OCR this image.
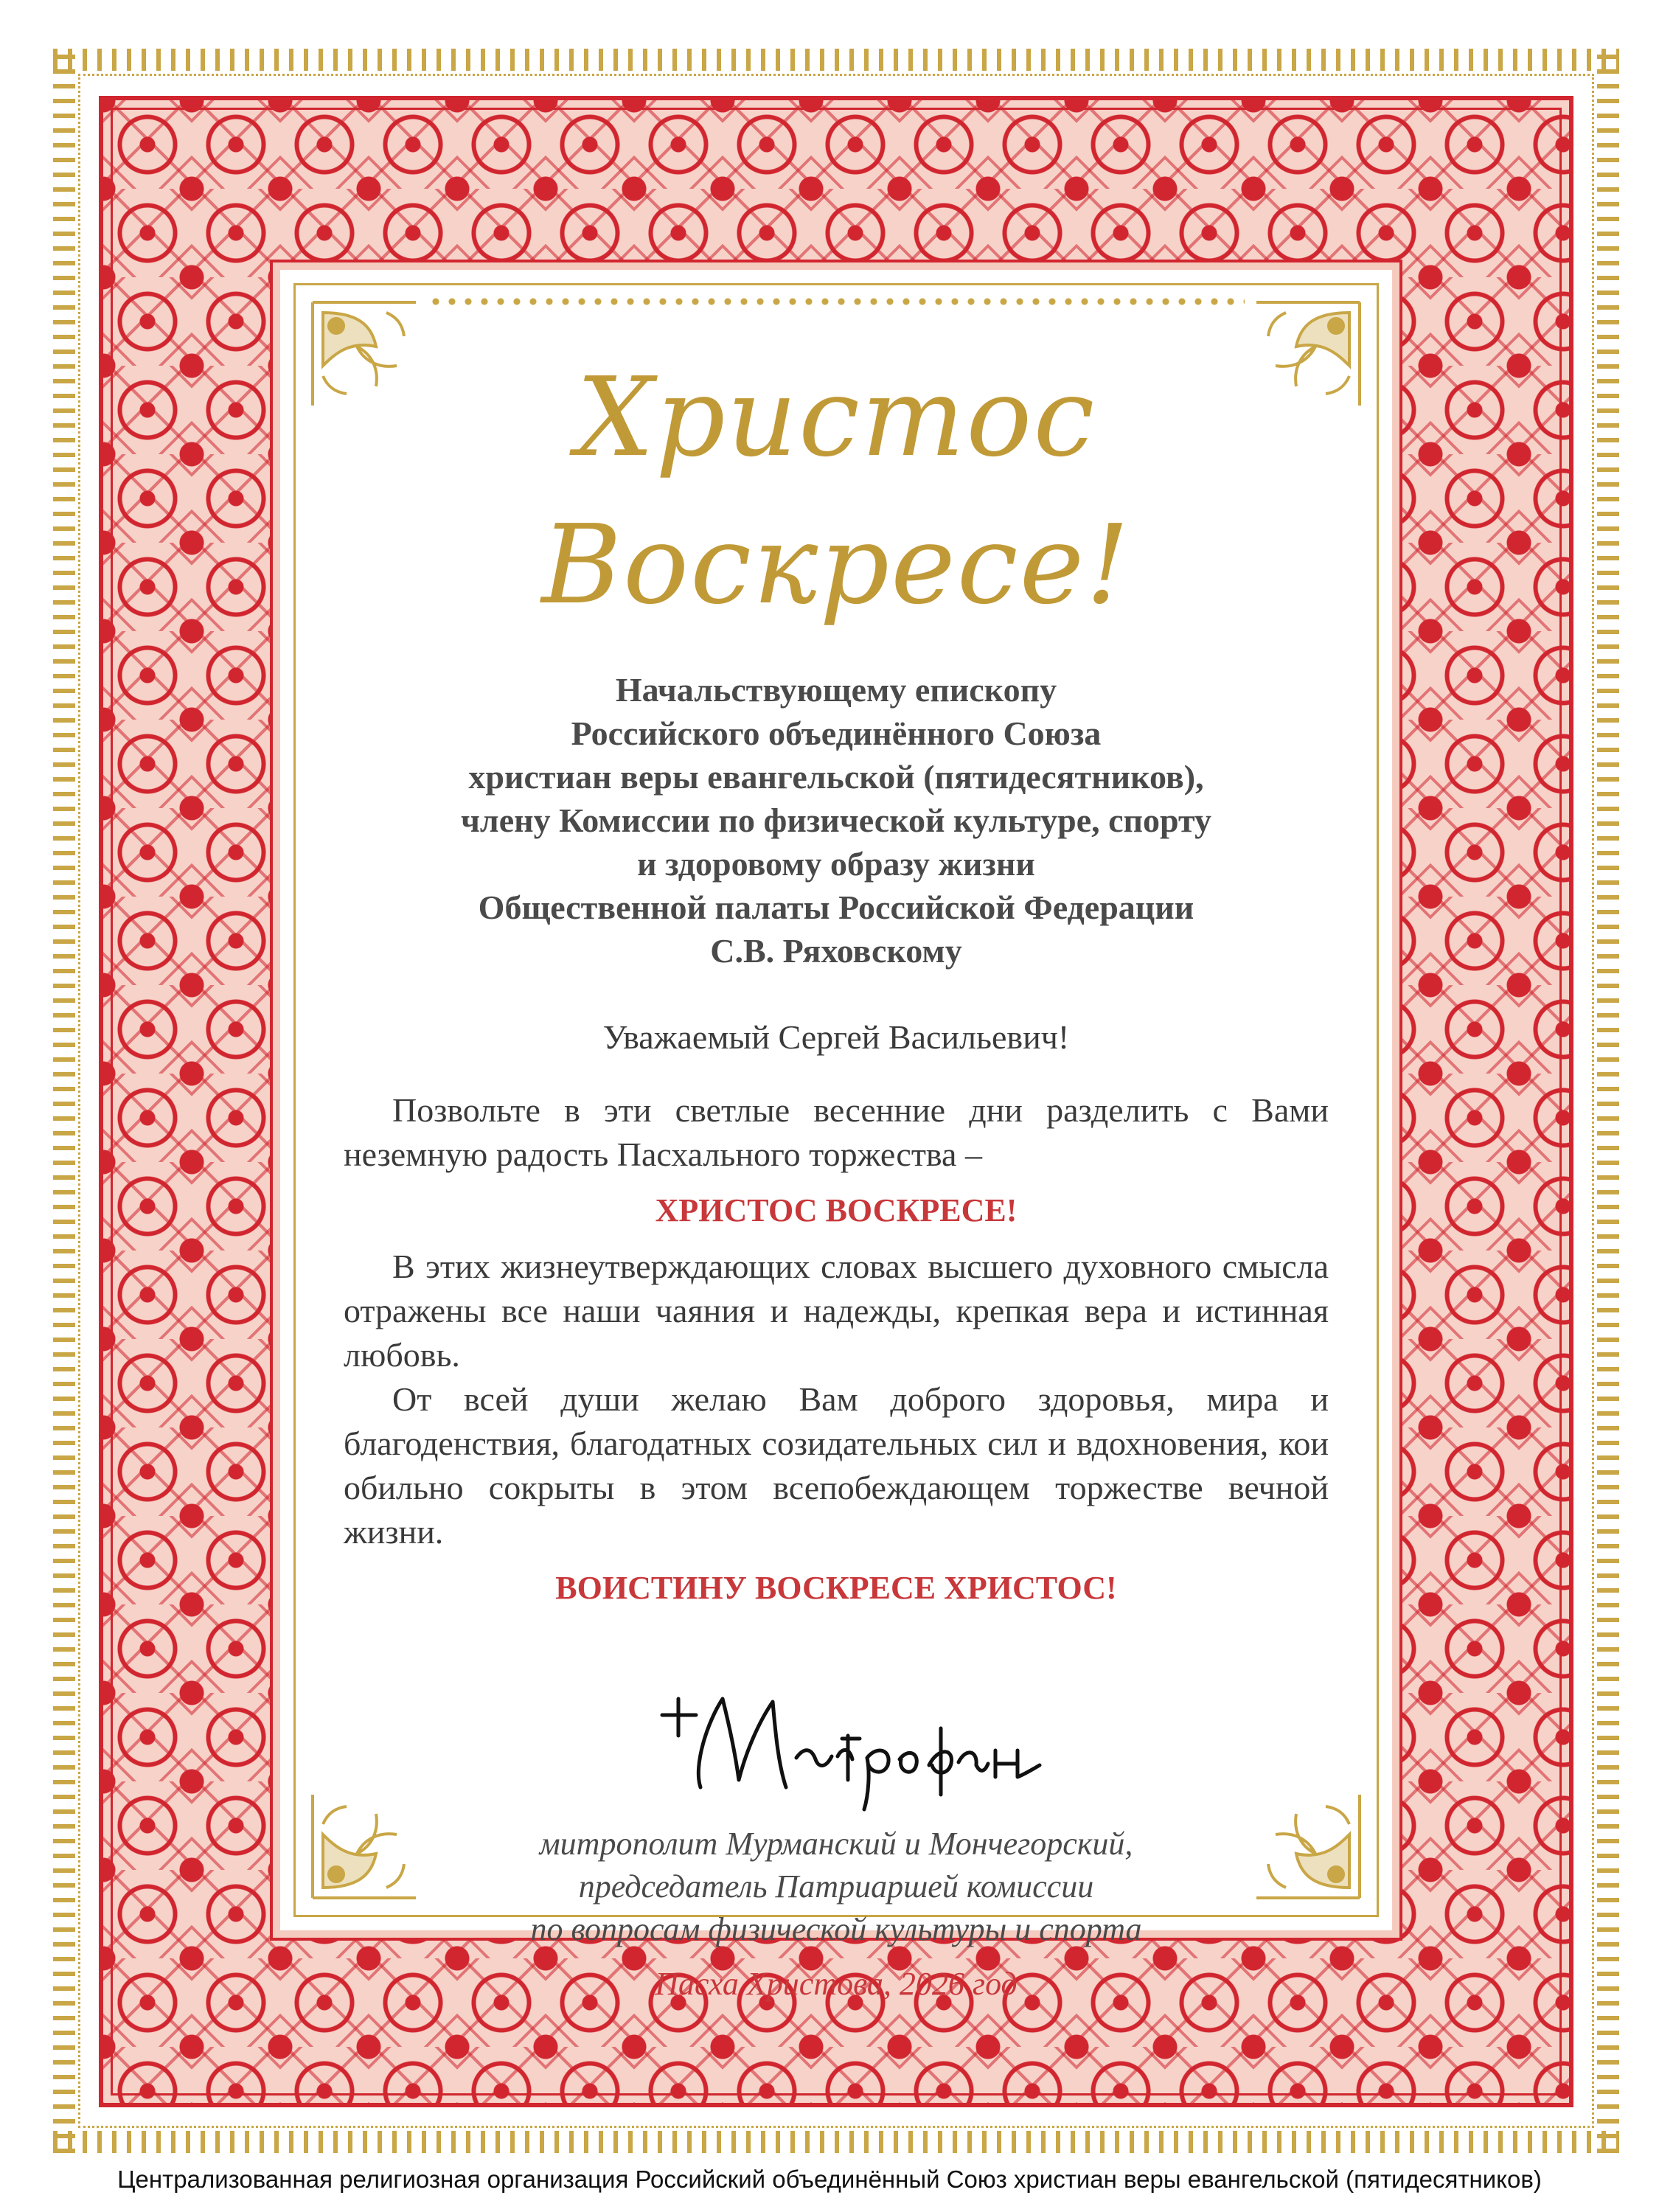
Христос Воскресе!
Начальствующему епископу
Российского объединённого Союза
христиан веры евангельской (пятидесятников),
члену Комиссии по физической культуре, спорту
и здоровому образу жизни
Общественной палаты Российской Федерации
С.В. Ряховскому
Уважаемый Сергей Васильевич!

Позвольте в эти светлые весенние дни разделить с Вами неземную радость Пасхального торжества –

ХРИСТОС ВОСКРЕСЕ!

В этих жизнеутверждающих словах высшего духовного смысла отражены все наши чаяния и надежды, крепкая вера и истинная любовь.

От всей души желаю Вам доброго здоровья, мира и благоденствия, благодатных созидательных сил и вдохновения, кои обильно сокрыты в этом всепобеждающем торжестве вечной жизни.

ВОИСТИНУ ВОСКРЕСЕ ХРИСТОС!
митрополит Мурманский и Мончегорский,
председатель Патриаршей комиссии
по вопросам физической культуры и спорта
Пасха Христова, 2026 год
Централизованная религиозная организация Российский объединённый Союз христиан веры евангельской (пятидесятников)
